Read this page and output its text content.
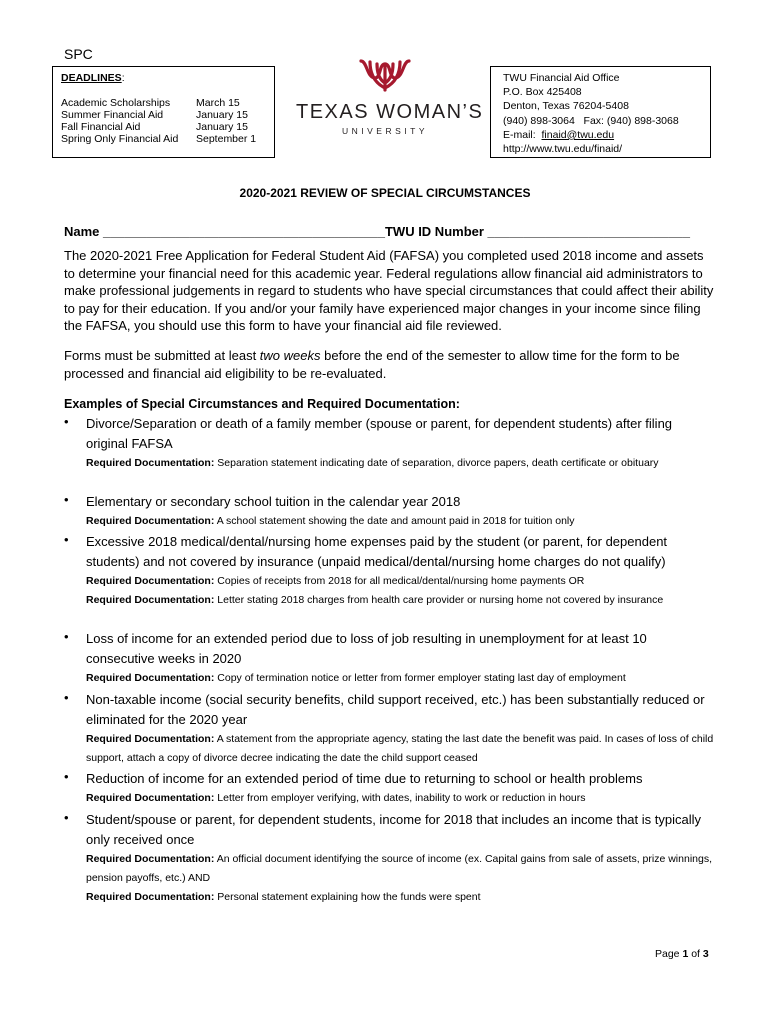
SPC
DEADLINES:
Academic Scholarships
Summer Financial Aid
Fall Financial Aid
Spring Only Financial Aid
March 15
January 15
January 15
September 1
TEXAS WOMAN’S
UNIVERSITY
TWU Financial Aid Office
P.O. Box 425408
Denton, Texas 76204-5408
(940) 898-3064   Fax: (940) 898-3068
E-mail:  finaid@twu.edu
http://www.twu.edu/finaid/
2020-2021 REVIEW OF SPECIAL CIRCUMSTANCES
Name _______________________________________TWU ID Number ____________________________
The 2020-2021 Free Application for Federal Student Aid (FAFSA) you completed used 2018 income and assets to determine your financial need for this academic year. Federal regulations allow financial aid administrators to make professional judgements in regard to students who have special circumstances that could affect their ability to pay for their education. If you and/or your family have experienced major changes in your income since filing the FAFSA, you should use this form to have your financial aid file reviewed.
Forms must be submitted at least two weeks before the end of the semester to allow time for the form to be processed and financial aid eligibility to be re-evaluated.
Examples of Special Circumstances and Required Documentation:
• Divorce/Separation or death of a family member (spouse or parent, for dependent students) after filing original FAFSA
Required Documentation: Separation statement indicating date of separation, divorce papers, death certificate or obituary
• Elementary or secondary school tuition in the calendar year 2018
Required Documentation: A school statement showing the date and amount paid in 2018 for tuition only
• Excessive 2018 medical/dental/nursing home expenses paid by the student (or parent, for dependent students) and not covered by insurance (unpaid medical/dental/nursing home charges do not qualify)
Required Documentation: Copies of receipts from 2018 for all medical/dental/nursing home payments OR
Required Documentation: Letter stating 2018 charges from health care provider or nursing home not covered by insurance
• Loss of income for an extended period due to loss of job resulting in unemployment for at least 10 consecutive weeks in 2020
Required Documentation: Copy of termination notice or letter from former employer stating last day of employment
• Non-taxable income (social security benefits, child support received, etc.) has been substantially reduced or eliminated for the 2020 year
Required Documentation: A statement from the appropriate agency, stating the last date the benefit was paid. In cases of loss of child support, attach a copy of divorce decree indicating the date the child support ceased
• Reduction of income for an extended period of time due to returning to school or health problems
Required Documentation: Letter from employer verifying, with dates, inability to work or reduction in hours
• Student/spouse or parent, for dependent students, income for 2018 that includes an income that is typically only received once
Required Documentation: An official document identifying the source of income (ex. Capital gains from sale of assets, prize winnings, pension payoffs, etc.) AND
Required Documentation: Personal statement explaining how the funds were spent
Page 1 of 3
